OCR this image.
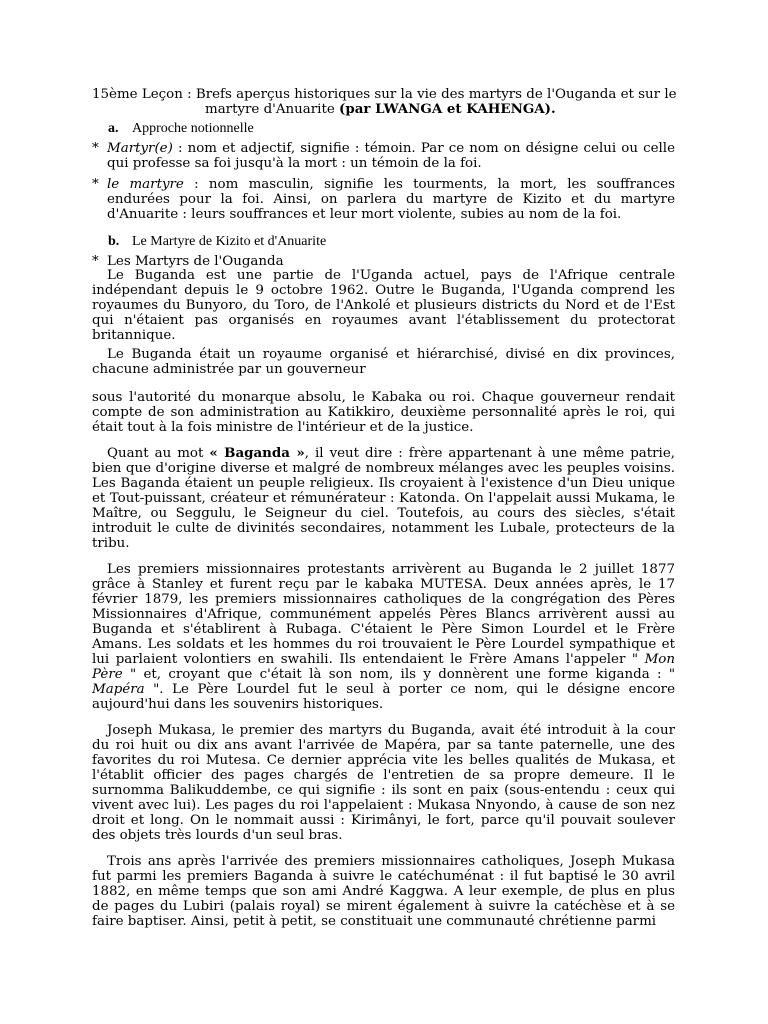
15ème Leçon : Brefs aperçus historiques sur la vie des martyrs de l'Ouganda et sur le
martyre d'Anuarite (par LWANGA et KAHENGA).
a. Approche notionnelle
* Martyr(e) : nom et adjectif, signifie : témoin. Par ce nom on désigne celui ou celle qui professe sa foi jusqu'à la mort : un témoin de la foi.
* le martyre : nom masculin, signifie les tourments, la mort, les souffrances endurées pour la foi. Ainsi, on parlera du martyre de Kizito et du martyre d'Anuarite : leurs souffrances et leur mort violente, subies au nom de la foi.
b. Le Martyre de Kizito et d'Anuarite
* Les Martyrs de l'Ouganda

Le Buganda est une partie de l'Uganda actuel, pays de l'Afrique centrale indépendant depuis le 9 octobre 1962. Outre le Buganda, l'Uganda comprend les royaumes du Bunyoro, du Toro, de l'Ankolé et plusieurs districts du Nord et de l'Est qui n'étaient pas organisés en royaumes avant l'établissement du protectorat britannique.

Le Buganda était un royaume organisé et hiérarchisé, divisé en dix provinces, chacune administrée par un gouverneur

sous l'autorité du monarque absolu, le Kabaka ou roi. Chaque gouverneur rendait compte de son administration au Katikkiro, deuxième personnalité après le roi, qui était tout à la fois ministre de l'intérieur et de la justice.

Quant au mot « Baganda », il veut dire : frère appartenant à une même patrie, bien que d'origine diverse et malgré de nombreux mélanges avec les peuples voisins. Les Baganda étaient un peuple religieux. Ils croyaient à l'existence d'un Dieu unique et Tout-puissant, créateur et rémunérateur : Katonda. On l'appelait aussi Mukama, le Maître, ou Seggulu, le Seigneur du ciel. Toutefois, au cours des siècles, s'était introduit le culte de divinités secondaires, notamment les Lubale, protecteurs de la tribu.

Les premiers missionnaires protestants arrivèrent au Buganda le 2 juillet 1877 grâce à Stanley et furent reçu par le kabaka MUTESA. Deux années après, le 17 février 1879, les premiers missionnaires catholiques de la congrégation des Pères Missionnaires d'Afrique, communément appelés Pères Blancs arrivèrent aussi au Buganda et s'établirent à Rubaga. C'étaient le Père Simon Lourdel et le Frère Amans. Les soldats et les hommes du roi trouvaient le Père Lourdel sympathique et lui parlaient volontiers en swahili. Ils entendaient le Frère Amans l'appeler " Mon Père " et, croyant que c'était là son nom, ils y donnèrent une forme kiganda : " Mapéra ". Le Père Lourdel fut le seul à porter ce nom, qui le désigne encore aujourd'hui dans les souvenirs historiques.

Joseph Mukasa, le premier des martyrs du Buganda, avait été introduit à la cour du roi huit ou dix ans avant l'arrivée de Mapéra, par sa tante paternelle, une des favorites du roi Mutesa. Ce dernier apprécia vite les belles qualités de Mukasa, et l'établit officier des pages chargés de l'entretien de sa propre demeure. Il le surnomma Balikuddembe, ce qui signifie : ils sont en paix (sous-entendu : ceux qui vivent avec lui). Les pages du roi l'appelaient : Mukasa Nnyondo, à cause de son nez droit et long. On le nommait aussi : Kirimânyi, le fort, parce qu'il pouvait soulever des objets très lourds d'un seul bras.

Trois ans après l'arrivée des premiers missionnaires catholiques, Joseph Mukasa fut parmi les premiers Baganda à suivre le catéchuménat : il fut baptisé le 30 avril 1882, en même temps que son ami André Kaggwa. A leur exemple, de plus en plus de pages du Lubiri (palais royal) se mirent également à suivre la catéchèse et à se faire baptiser. Ainsi, petit à petit, se constituait une communauté chrétienne parmi
